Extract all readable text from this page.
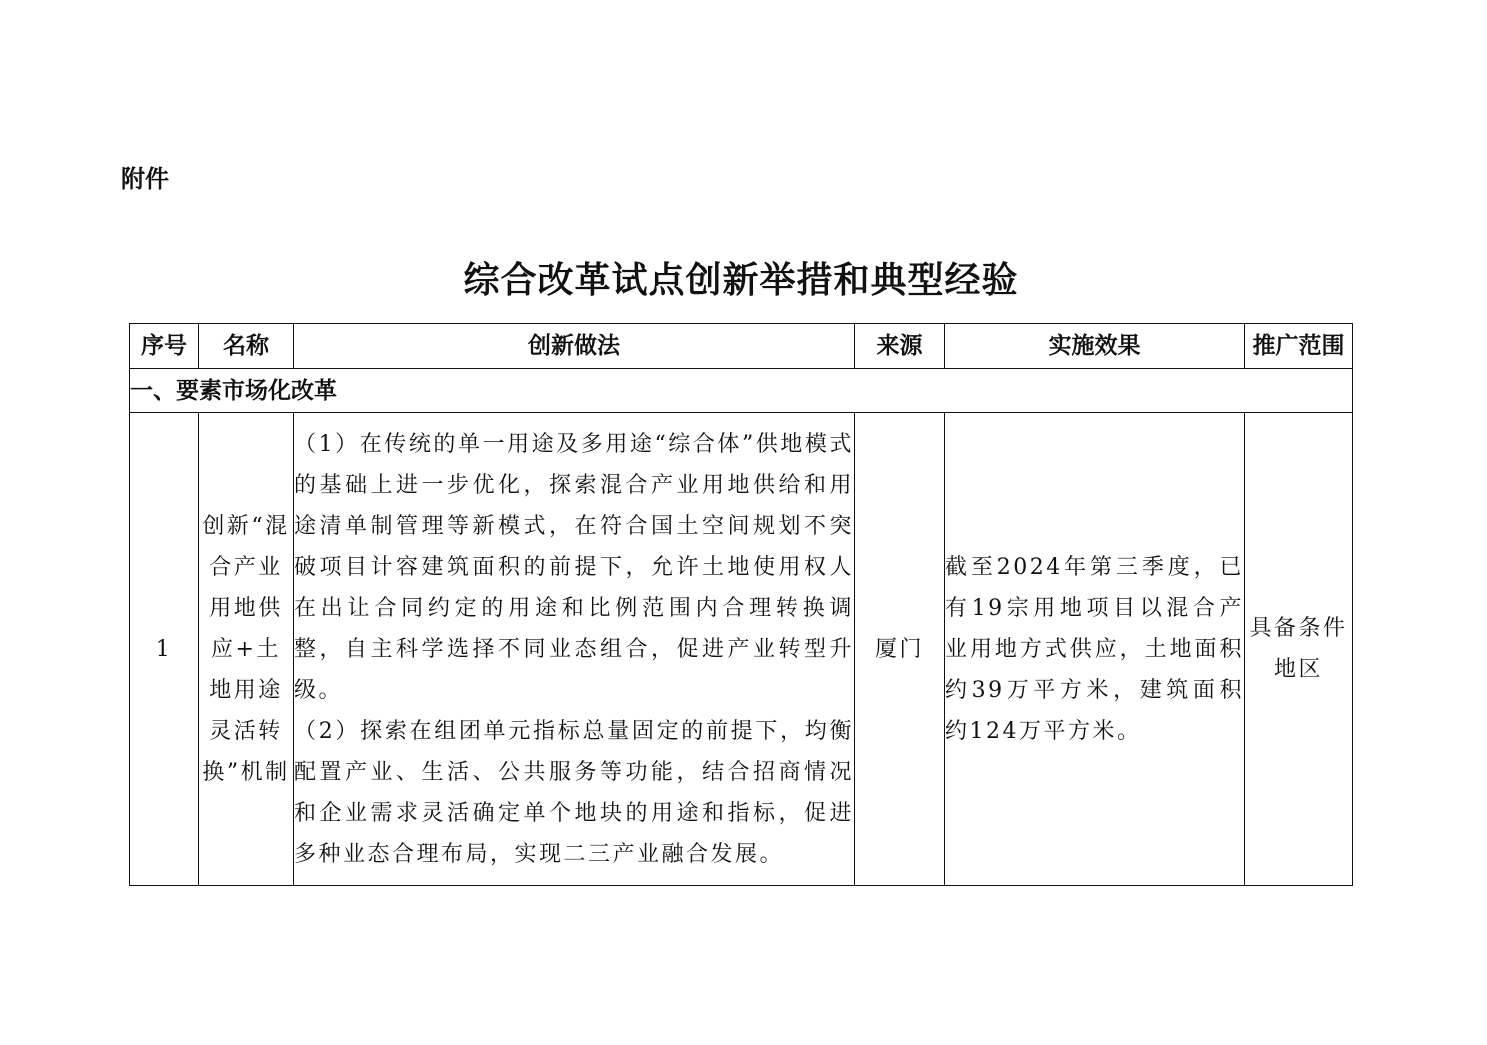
附件
综合改革试点创新举措和典型经验
序号	名称	创新做法	来源	实施效果	推广范围
一、要素市场化改革					
1	创新“混合产业用地供应+土地用途灵活转换”机制	（1）在传统的单一用途及多用途“综合体”供地模式的基础上进一步优化，探索混合产业用地供给和用途清单制管理等新模式，在符合国土空间规划不突破项目计容建筑面积的前提下，允许土地使用权人在出让合同约定的用途和比例范围内合理转换调整，自主科学选择不同业态组合，促进产业转型升级。

（2）探索在组团单元指标总量固定的前提下，均衡配置产业、生活、公共服务等功能，结合招商情况和企业需求灵活确定单个地块的用途和指标，促进多种业态合理布局，实现二三产业融合发展。	厦门	截至2024年第三季度，已有19宗用地项目以混合产业用地方式供应，土地面积约39万平方米，建筑面积约124万平方米。	具备条件地区
